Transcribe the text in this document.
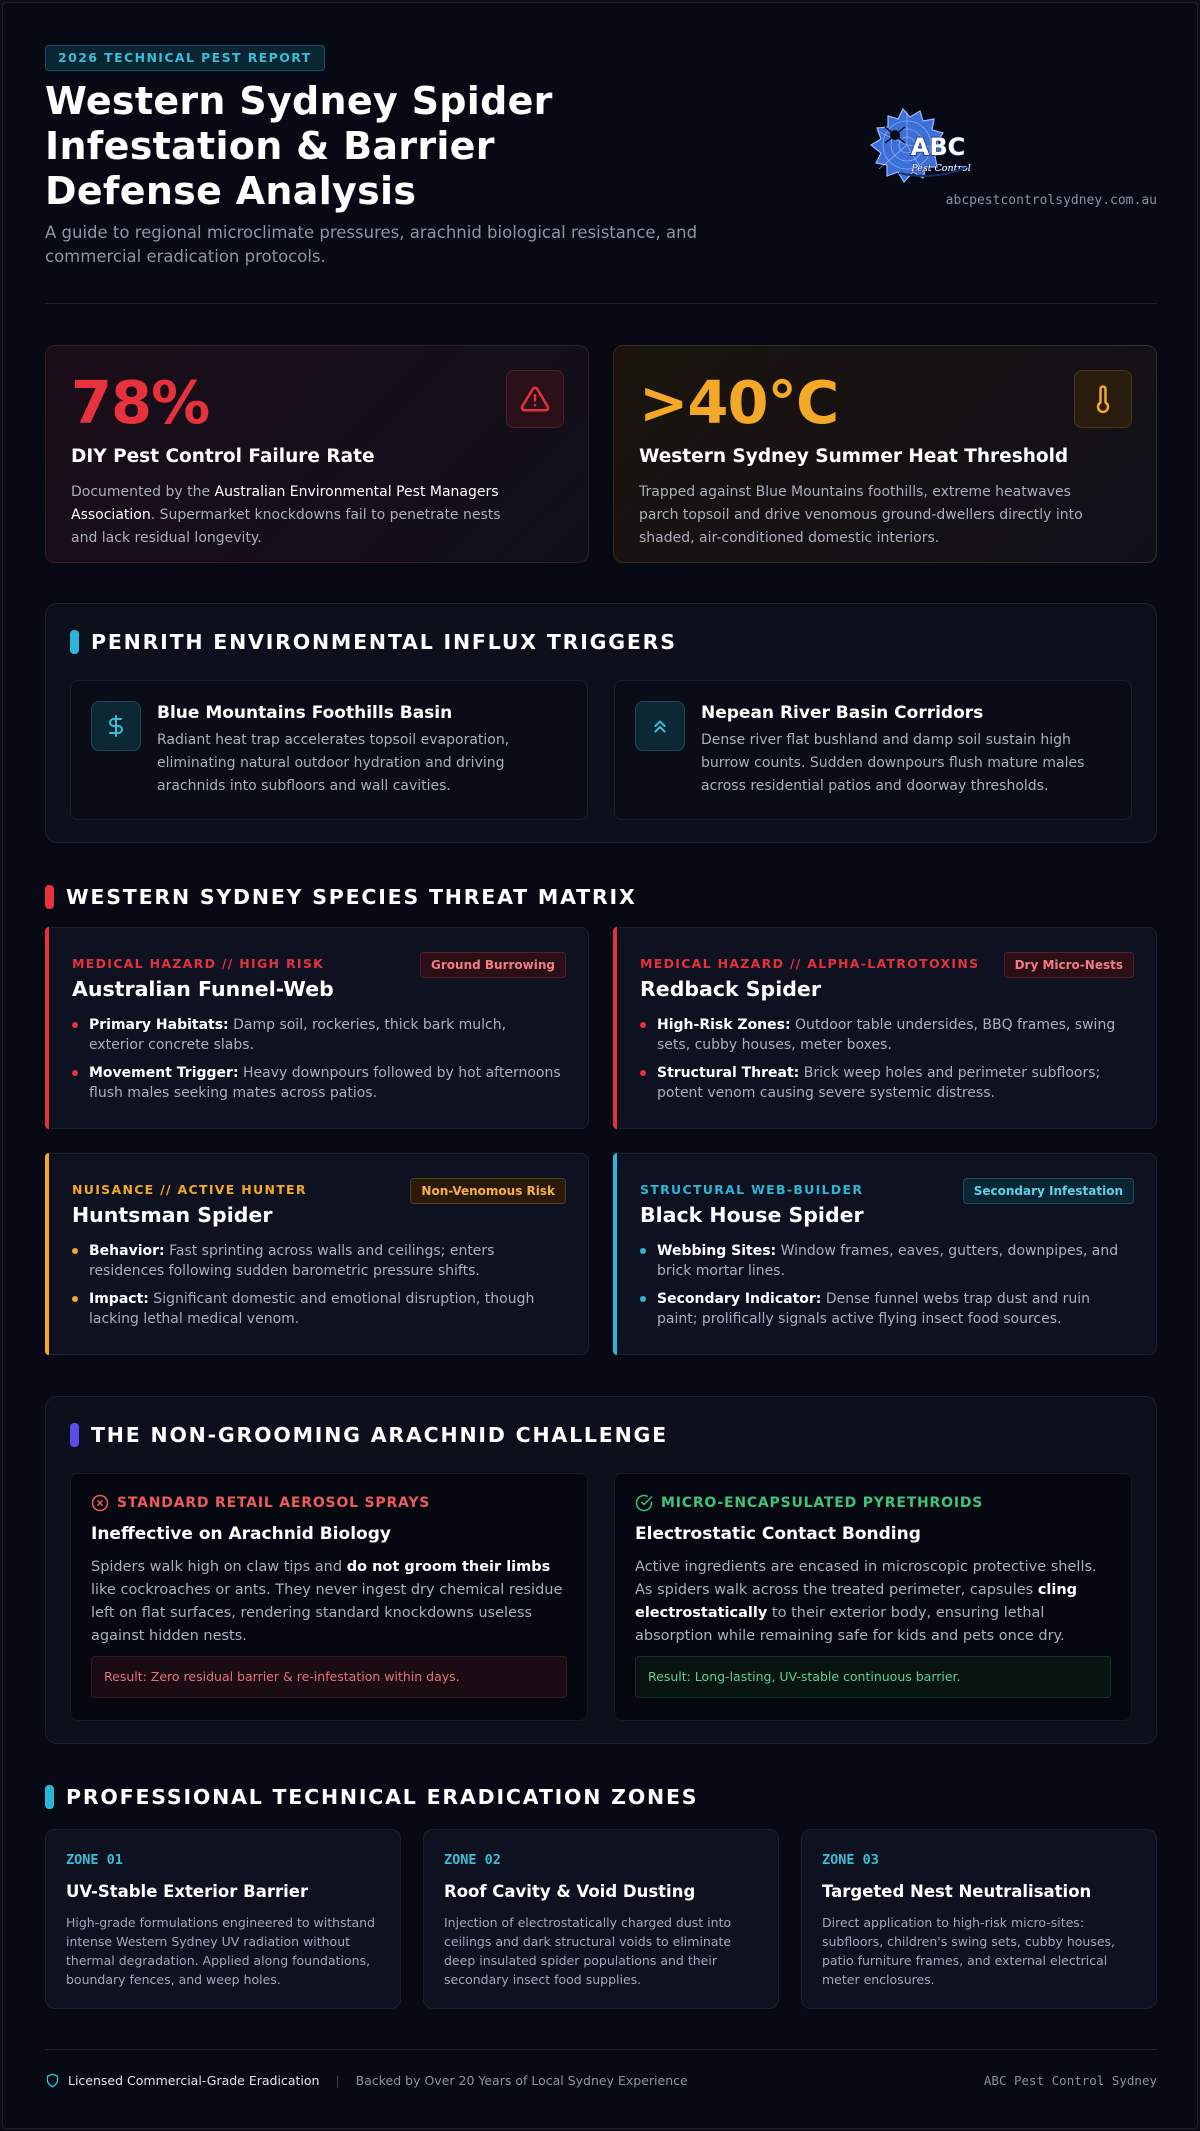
2026 TECHNICAL PEST REPORT
Western Sydney Spider Infestation & Barrier Defense Analysis
A guide to regional microclimate pressures, arachnid biological resistance, and commercial eradication protocols.
ABC
Pest Control
abcpestcontrolsydney.com.au
78%
DIY Pest Control Failure Rate

Documented by the Australian Environmental Pest Managers Association. Supermarket knockdowns fail to penetrate nests and lack residual longevity.

>40°C
Western Sydney Summer Heat Threshold

Trapped against Blue Mountains foothills, extreme heatwaves parch topsoil and drive venomous ground-dwellers directly into shaded, air-conditioned domestic interiors.

PENRITH ENVIRONMENTAL INFLUX TRIGGERS
Blue Mountains Foothills Basin

Radiant heat trap accelerates topsoil evaporation, eliminating natural outdoor hydration and driving arachnids into subfloors and wall cavities.

Nepean River Basin Corridors

Dense river flat bushland and damp soil sustain high burrow counts. Sudden downpours flush mature males across residential patios and doorway thresholds.

WESTERN SYDNEY SPECIES THREAT MATRIX
MEDICAL HAZARD // HIGH RISK
Australian Funnel-Web
Ground Burrowing
Primary Habitats: Damp soil, rockeries, thick bark mulch, exterior concrete slabs.
Movement Trigger: Heavy downpours followed by hot afternoons flush males seeking mates across patios.
MEDICAL HAZARD // ALPHA-LATROTOXINS
Redback Spider
Dry Micro-Nests
High-Risk Zones: Outdoor table undersides, BBQ frames, swing sets, cubby houses, meter boxes.
Structural Threat: Brick weep holes and perimeter subfloors; potent venom causing severe systemic distress.
NUISANCE // ACTIVE HUNTER
Huntsman Spider
Non-Venomous Risk
Behavior: Fast sprinting across walls and ceilings; enters residences following sudden barometric pressure shifts.
Impact: Significant domestic and emotional disruption, though lacking lethal medical venom.
STRUCTURAL WEB-BUILDER
Black House Spider
Secondary Infestation
Webbing Sites: Window frames, eaves, gutters, downpipes, and brick mortar lines.
Secondary Indicator: Dense funnel webs trap dust and ruin paint; prolifically signals active flying insect food sources.
THE NON-GROOMING ARACHNID CHALLENGE
STANDARD RETAIL AEROSOL SPRAYS
Ineffective on Arachnid Biology

Spiders walk high on claw tips and do not groom their limbs like cockroaches or ants. They never ingest dry chemical residue left on flat surfaces, rendering standard knockdowns useless against hidden nests.

Result: Zero residual barrier & re-infestation within days.
MICRO-ENCAPSULATED PYRETHROIDS
Electrostatic Contact Bonding

Active ingredients are encased in microscopic protective shells. As spiders walk across the treated perimeter, capsules cling electrostatically to their exterior body, ensuring lethal absorption while remaining safe for kids and pets once dry.

Result: Long-lasting, UV-stable continuous barrier.
PROFESSIONAL TECHNICAL ERADICATION ZONES
ZONE 01
UV-Stable Exterior Barrier

High-grade formulations engineered to withstand intense Western Sydney UV radiation without thermal degradation. Applied along foundations, boundary fences, and weep holes.

ZONE 02
Roof Cavity & Void Dusting

Injection of electrostatically charged dust into ceilings and dark structural voids to eliminate deep insulated spider populations and their secondary insect food supplies.

ZONE 03
Targeted Nest Neutralisation

Direct application to high-risk micro-sites: subfloors, children's swing sets, cubby houses, patio furniture frames, and external electrical meter enclosures.

Licensed Commercial-Grade Eradication | Backed by Over 20 Years of Local Sydney Experience	ABC Pest Control Sydney
